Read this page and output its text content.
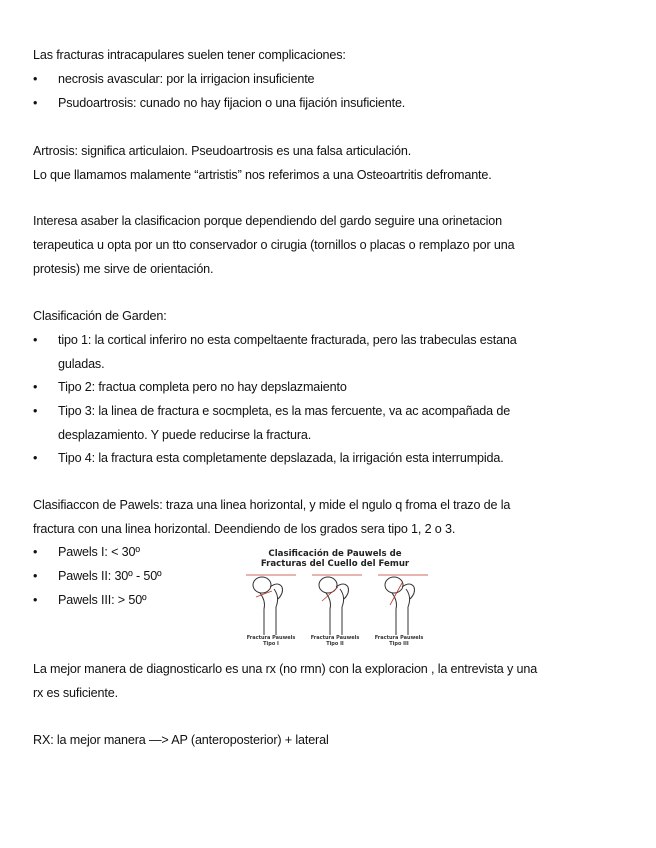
Las fracturas intracapulares suelen tener complicaciones:
• necrosis avascular: por la irrigacion insuficiente
• Psudoartrosis: cunado no hay fijacion o una fijación insuficiente.
Artrosis: significa articulaion. Pseudoartrosis es una falsa articulación.
Lo que llamamos malamente “artristis” nos referimos a una Osteoartritis defromante.
Interesa asaber la clasificacion porque dependiendo del gardo seguire una orinetacion
terapeutica u opta por un tto conservador o cirugia (tornillos o placas o remplazo por una
protesis) me sirve de orientación.
Clasificación de Garden:
• tipo 1: la cortical inferiro no esta compeltaente fracturada, pero las trabeculas estana
guladas.
• Tipo 2: fractua completa pero no hay depslazmaiento
• Tipo 3: la linea de fractura e socmpleta, es la mas fercuente, va ac acompañada de
desplazamiento. Y puede reducirse la fractura.
• Tipo 4: la fractura esta completamente depslazada, la irrigación esta interrumpida.
Clasifiaccon de Pawels: traza una linea horizontal, y mide el ngulo q froma el trazo de la
fractura con una linea horizontal. Deendiendo de los grados sera tipo 1, 2 o 3.
• Pawels I: < 30º
• Pawels II: 30º - 50º
• Pawels III: > 50º
Clasificación de Pauwels de
Fracturas del Cuello del Femur
Fractura Pauwels
Tipo I
Fractura Pauwels
Tipo II
Fractura Pauwels
Tipo III
La mejor manera de diagnosticarlo es una rx (no rmn) con la exploracion , la entrevista y una
rx es suficiente.
RX: la mejor manera —> AP (anteroposterior) + lateral
